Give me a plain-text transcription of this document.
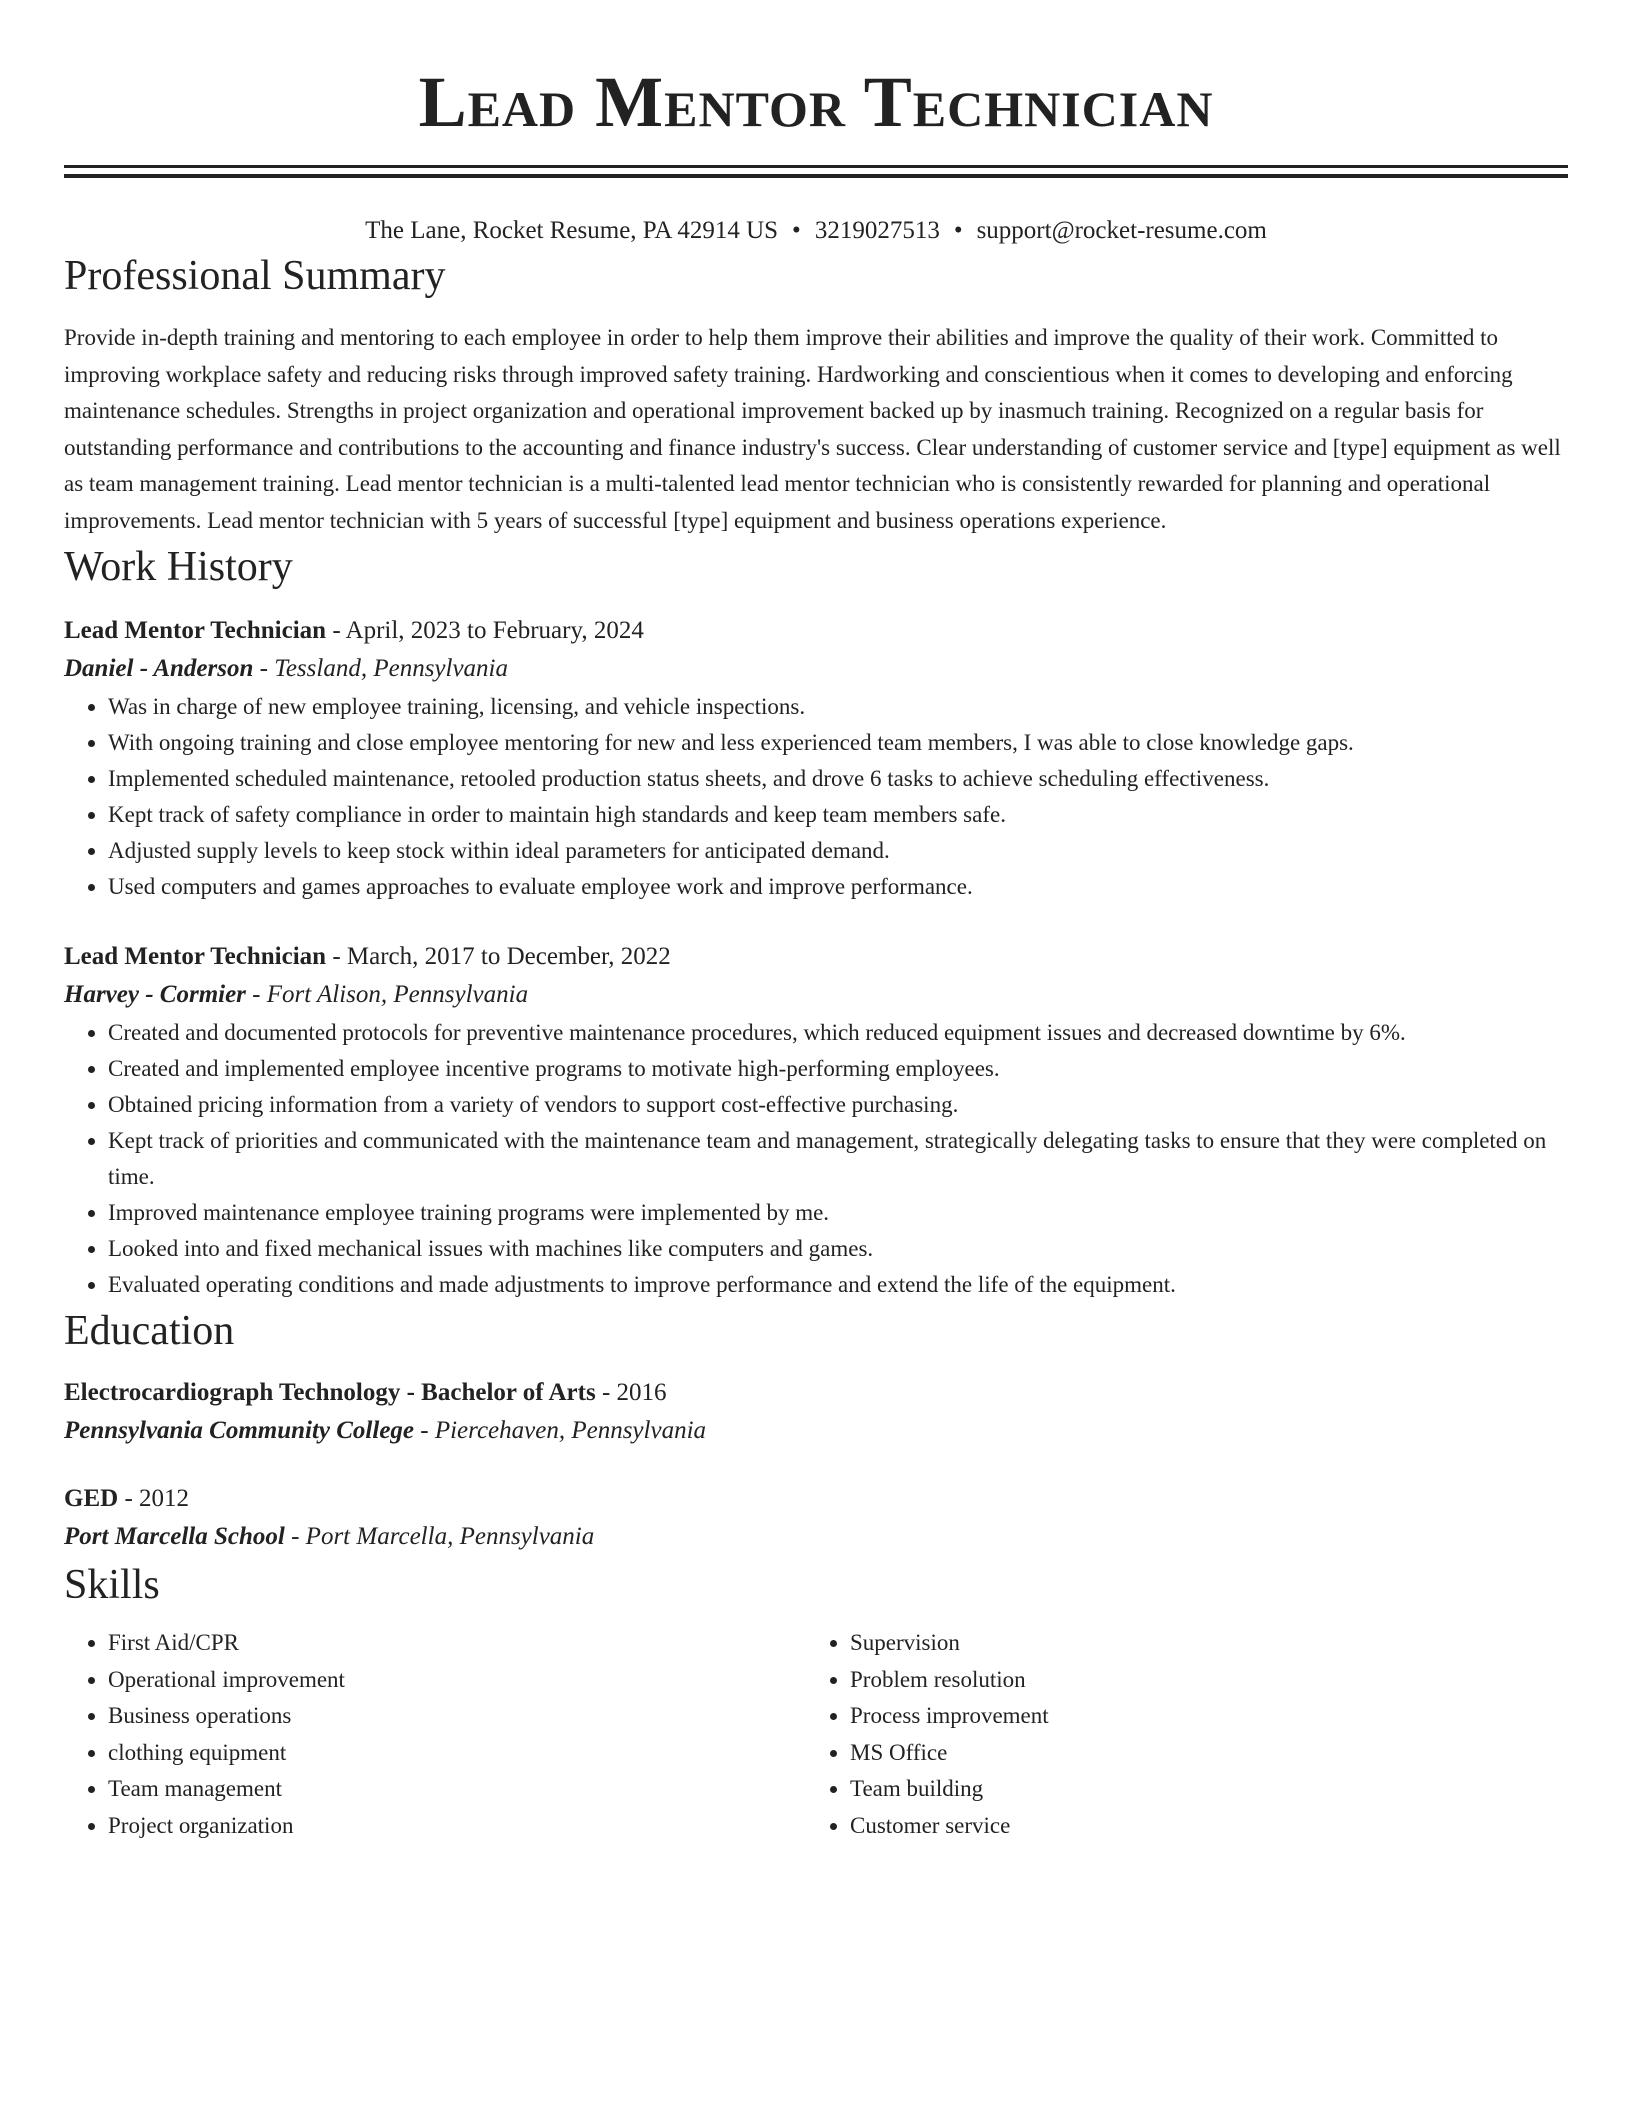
Lead Mentor Technician
The Lane, Rocket Resume, PA 42914 US • 3219027513 • support@rocket-resume.com
Professional Summary

Provide in-depth training and mentoring to each employee in order to help them improve their abilities and improve the quality of their work. Committed to improving workplace safety and reducing risks through improved safety training. Hardworking and conscientious when it comes to developing and enforcing maintenance schedules. Strengths in project organization and operational improvement backed up by inasmuch training. Recognized on a regular basis for outstanding performance and contributions to the accounting and finance industry's success. Clear understanding of customer service and [type] equipment as well as team management training. Lead mentor technician is a multi-talented lead mentor technician who is consistently rewarded for planning and operational improvements. Lead mentor technician with 5 years of successful [type] equipment and business operations experience.

Work History
Lead Mentor Technician - April, 2023 to February, 2024
Daniel - Anderson - Tessland, Pennsylvania
• Was in charge of new employee training, licensing, and vehicle inspections.
• With ongoing training and close employee mentoring for new and less experienced team members, I was able to close knowledge gaps.
• Implemented scheduled maintenance, retooled production status sheets, and drove 6 tasks to achieve scheduling effectiveness.
• Kept track of safety compliance in order to maintain high standards and keep team members safe.
• Adjusted supply levels to keep stock within ideal parameters for anticipated demand.
• Used computers and games approaches to evaluate employee work and improve performance.
Lead Mentor Technician - March, 2017 to December, 2022
Harvey - Cormier - Fort Alison, Pennsylvania
• Created and documented protocols for preventive maintenance procedures, which reduced equipment issues and decreased downtime by 6%.
• Created and implemented employee incentive programs to motivate high-performing employees.
• Obtained pricing information from a variety of vendors to support cost-effective purchasing.
• Kept track of priorities and communicated with the maintenance team and management, strategically delegating tasks to ensure that they were completed on time.
• Improved maintenance employee training programs were implemented by me.
• Looked into and fixed mechanical issues with machines like computers and games.
• Evaluated operating conditions and made adjustments to improve performance and extend the life of the equipment.
Education
Electrocardiograph Technology - Bachelor of Arts - 2016
Pennsylvania Community College - Piercehaven, Pennsylvania
GED - 2012
Port Marcella School - Port Marcella, Pennsylvania
Skills
• First Aid/CPR
• Operational improvement
• Business operations
• clothing equipment
• Team management
• Project organization
• Supervision
• Problem resolution
• Process improvement
• MS Office
• Team building
• Customer service
